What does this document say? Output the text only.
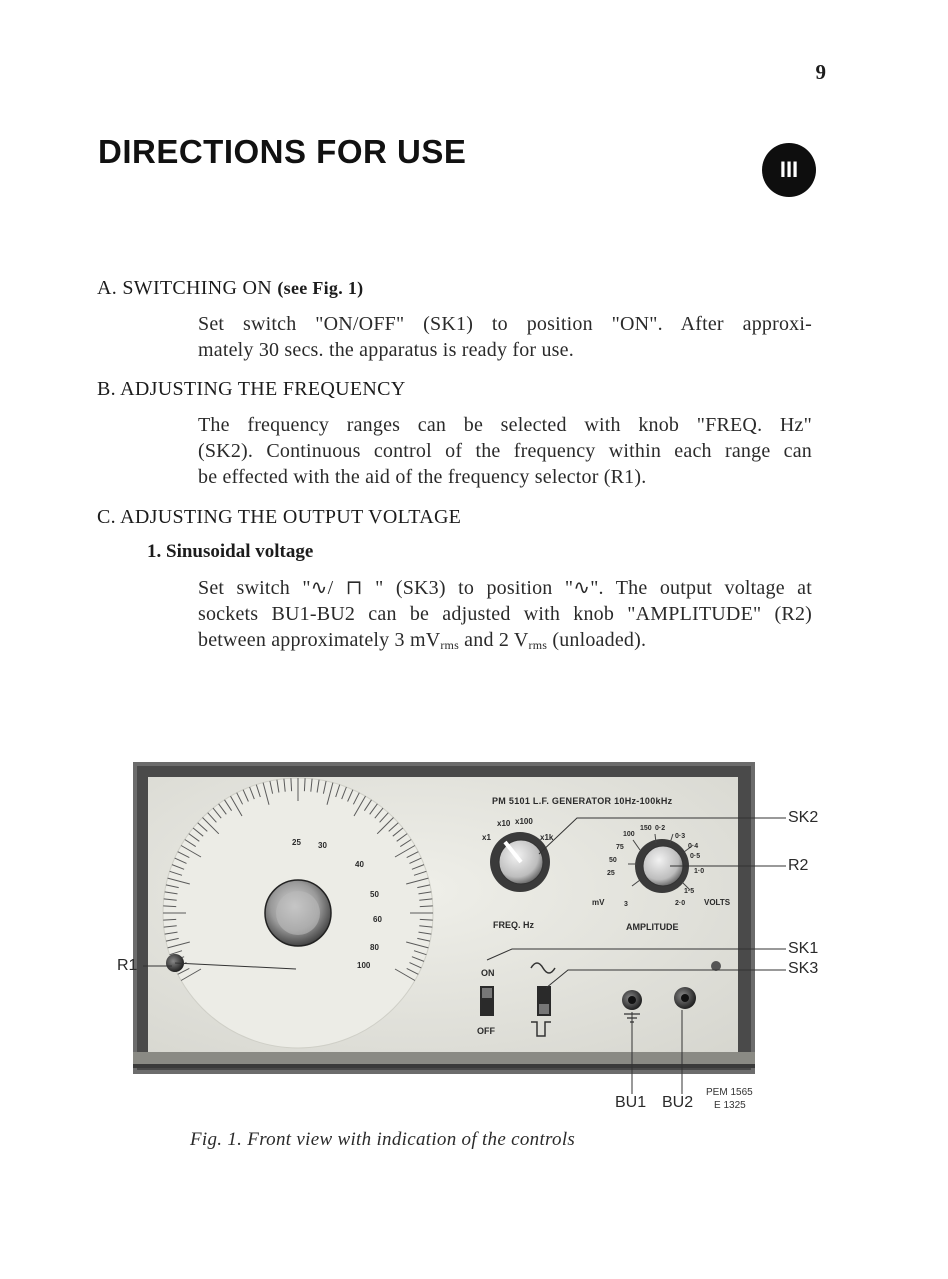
9
DIRECTIONS FOR USE	III
A. SWITCHING ON (see Fig. 1)
Set switch "ON/OFF" (SK1) to position "ON". After approxi-
mately 30 secs. the apparatus is ready for use.
B. ADJUSTING THE FREQUENCY
The frequency ranges can be selected with knob "FREQ. Hz"
(SK2). Continuous control of the frequency within each range can
be effected with the aid of the frequency selector (R1).
C. ADJUSTING THE OUTPUT VOLTAGE
1. Sinusoidal voltage
Set switch "∿/ ⊓ " (SK3) to position "∿". The output voltage at
sockets BU1-BU2 can be adjusted with knob "AMPLITUDE" (R2)
between approximately 3 $mV_{rms}$ and 2 $V_{rms}$ (unloaded).
25 30
40
50
60
80
100
PM 5101 L.F. GENERATOR 10Hz-100kHz
x1
x10 x100
x1k
FREQ. Hz
100
75
50
25
3
150 0·2
0·3
0·4
0·5
1·0
1·5
2·0
mV	VOLTS
AMPLITUDE
ON
OFF
SK2
R2
SK1
SK3
R1
BU1 BU2
PEM 1565
E 1325
Fig. 1. Front view with indication of the controls
